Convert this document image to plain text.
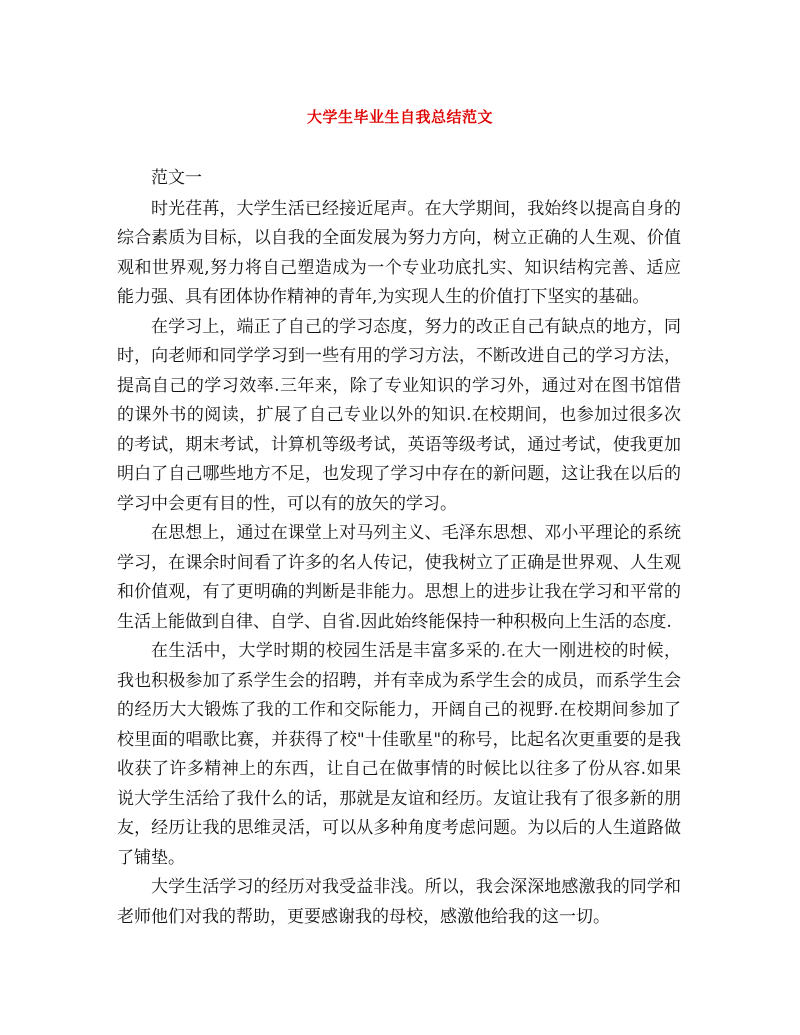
大学生毕业生自我总结范文

范文一

时光荏苒，大学生活已经接近尾声。在大学期间，我始终以提高自身的综合素质为目标，以自我的全面发展为努力方向，树立正确的人生观、价值观和世界观,努力将自己塑造成为一个专业功底扎实、知识结构完善、适应能力强、具有团体协作精神的青年,为实现人生的价值打下坚实的基础。

在学习上，端正了自己的学习态度，努力的改正自己有缺点的地方，同时，向老师和同学学习到一些有用的学习方法，不断改进自己的学习方法，提高自己的学习效率.三年来，除了专业知识的学习外，通过对在图书馆借的课外书的阅读，扩展了自己专业以外的知识.在校期间，也参加过很多次的考试，期末考试，计算机等级考试，英语等级考试，通过考试，使我更加明白了自己哪些地方不足，也发现了学习中存在的新问题，这让我在以后的学习中会更有目的性，可以有的放矢的学习。

在思想上，通过在课堂上对马列主义、毛泽东思想、邓小平理论的系统学习，在课余时间看了许多的名人传记，使我树立了正确是世界观、人生观和价值观，有了更明确的判断是非能力。思想上的进步让我在学习和平常的生活上能做到自律、自学、自省.因此始终能保持一种积极向上生活的态度.

在生活中，大学时期的校园生活是丰富多采的.在大一刚进校的时候，我也积极参加了系学生会的招聘，并有幸成为系学生会的成员，而系学生会的经历大大锻炼了我的工作和交际能力，开阔自己的视野.在校期间参加了校里面的唱歌比赛，并获得了校"十佳歌星"的称号，比起名次更重要的是我收获了许多精神上的东西，让自己在做事情的时候比以往多了份从容.如果说大学生活给了我什么的话，那就是友谊和经历。友谊让我有了很多新的朋友，经历让我的思维灵活，可以从多种角度考虑问题。为以后的人生道路做了铺垫。

大学生活学习的经历对我受益非浅。所以，我会深深地感激我的同学和老师他们对我的帮助，更要感谢我的母校，感激他给我的这一切。
